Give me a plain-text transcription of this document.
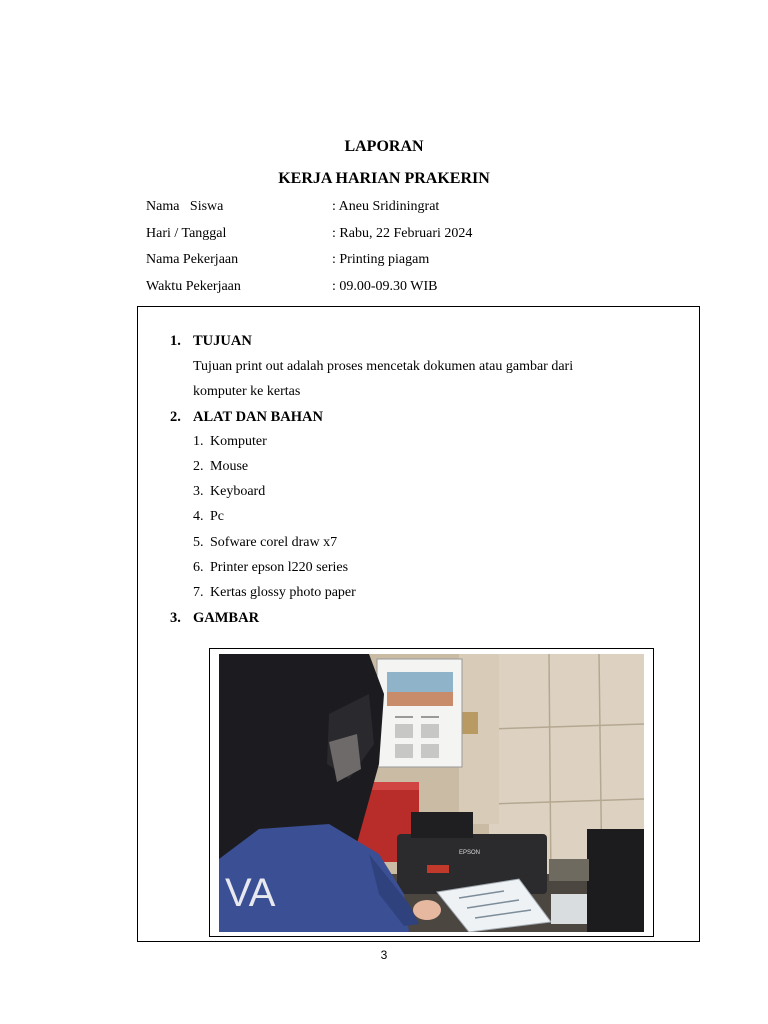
LAPORAN
KERJA HARIAN PRAKERIN
Nama   Siswa	: Aneu Sridiningrat
Hari / Tanggal	: Rabu, 22 Februari 2024
Nama Pekerjaan	: Printing piagam
Waktu Pekerjaan	: 09.00-09.30 WIB
1. TUJUAN
Tujuan print out adalah proses mencetak dokumen atau gambar dari
komputer ke kertas
2. ALAT DAN BAHAN
1. Komputer
2. Mouse
3. Keyboard
4. Pc
5. Sofware corel draw x7
6. Printer epson l220 series
7. Kertas glossy photo paper
3. GAMBAR
EPSON
VA
3
